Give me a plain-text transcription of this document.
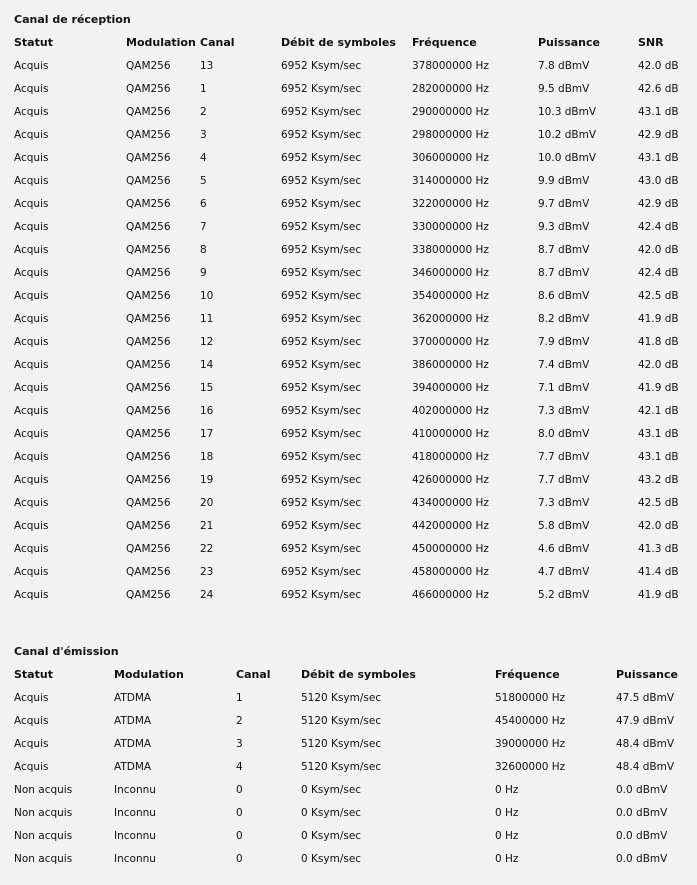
Canal de réception
Statut	Modulation	Canal	Débit de symboles	Fréquence	Puissance	SNR
Acquis	QAM256	13	6952 Ksym/sec	378000000 Hz	7.8 dBmV	42.0 dB
Acquis	QAM256	1	6952 Ksym/sec	282000000 Hz	9.5 dBmV	42.6 dB
Acquis	QAM256	2	6952 Ksym/sec	290000000 Hz	10.3 dBmV	43.1 dB
Acquis	QAM256	3	6952 Ksym/sec	298000000 Hz	10.2 dBmV	42.9 dB
Acquis	QAM256	4	6952 Ksym/sec	306000000 Hz	10.0 dBmV	43.1 dB
Acquis	QAM256	5	6952 Ksym/sec	314000000 Hz	9.9 dBmV	43.0 dB
Acquis	QAM256	6	6952 Ksym/sec	322000000 Hz	9.7 dBmV	42.9 dB
Acquis	QAM256	7	6952 Ksym/sec	330000000 Hz	9.3 dBmV	42.4 dB
Acquis	QAM256	8	6952 Ksym/sec	338000000 Hz	8.7 dBmV	42.0 dB
Acquis	QAM256	9	6952 Ksym/sec	346000000 Hz	8.7 dBmV	42.4 dB
Acquis	QAM256	10	6952 Ksym/sec	354000000 Hz	8.6 dBmV	42.5 dB
Acquis	QAM256	11	6952 Ksym/sec	362000000 Hz	8.2 dBmV	41.9 dB
Acquis	QAM256	12	6952 Ksym/sec	370000000 Hz	7.9 dBmV	41.8 dB
Acquis	QAM256	14	6952 Ksym/sec	386000000 Hz	7.4 dBmV	42.0 dB
Acquis	QAM256	15	6952 Ksym/sec	394000000 Hz	7.1 dBmV	41.9 dB
Acquis	QAM256	16	6952 Ksym/sec	402000000 Hz	7.3 dBmV	42.1 dB
Acquis	QAM256	17	6952 Ksym/sec	410000000 Hz	8.0 dBmV	43.1 dB
Acquis	QAM256	18	6952 Ksym/sec	418000000 Hz	7.7 dBmV	43.1 dB
Acquis	QAM256	19	6952 Ksym/sec	426000000 Hz	7.7 dBmV	43.2 dB
Acquis	QAM256	20	6952 Ksym/sec	434000000 Hz	7.3 dBmV	42.5 dB
Acquis	QAM256	21	6952 Ksym/sec	442000000 Hz	5.8 dBmV	42.0 dB
Acquis	QAM256	22	6952 Ksym/sec	450000000 Hz	4.6 dBmV	41.3 dB
Acquis	QAM256	23	6952 Ksym/sec	458000000 Hz	4.7 dBmV	41.4 dB
Acquis	QAM256	24	6952 Ksym/sec	466000000 Hz	5.2 dBmV	41.9 dB
Canal d'émission
Statut	Modulation	Canal	Débit de symboles	Fréquence	Puissance
Acquis	ATDMA	1	5120 Ksym/sec	51800000 Hz	47.5 dBmV
Acquis	ATDMA	2	5120 Ksym/sec	45400000 Hz	47.9 dBmV
Acquis	ATDMA	3	5120 Ksym/sec	39000000 Hz	48.4 dBmV
Acquis	ATDMA	4	5120 Ksym/sec	32600000 Hz	48.4 dBmV
Non acquis	Inconnu	0	0 Ksym/sec	0 Hz	0.0 dBmV
Non acquis	Inconnu	0	0 Ksym/sec	0 Hz	0.0 dBmV
Non acquis	Inconnu	0	0 Ksym/sec	0 Hz	0.0 dBmV
Non acquis	Inconnu	0	0 Ksym/sec	0 Hz	0.0 dBmV
